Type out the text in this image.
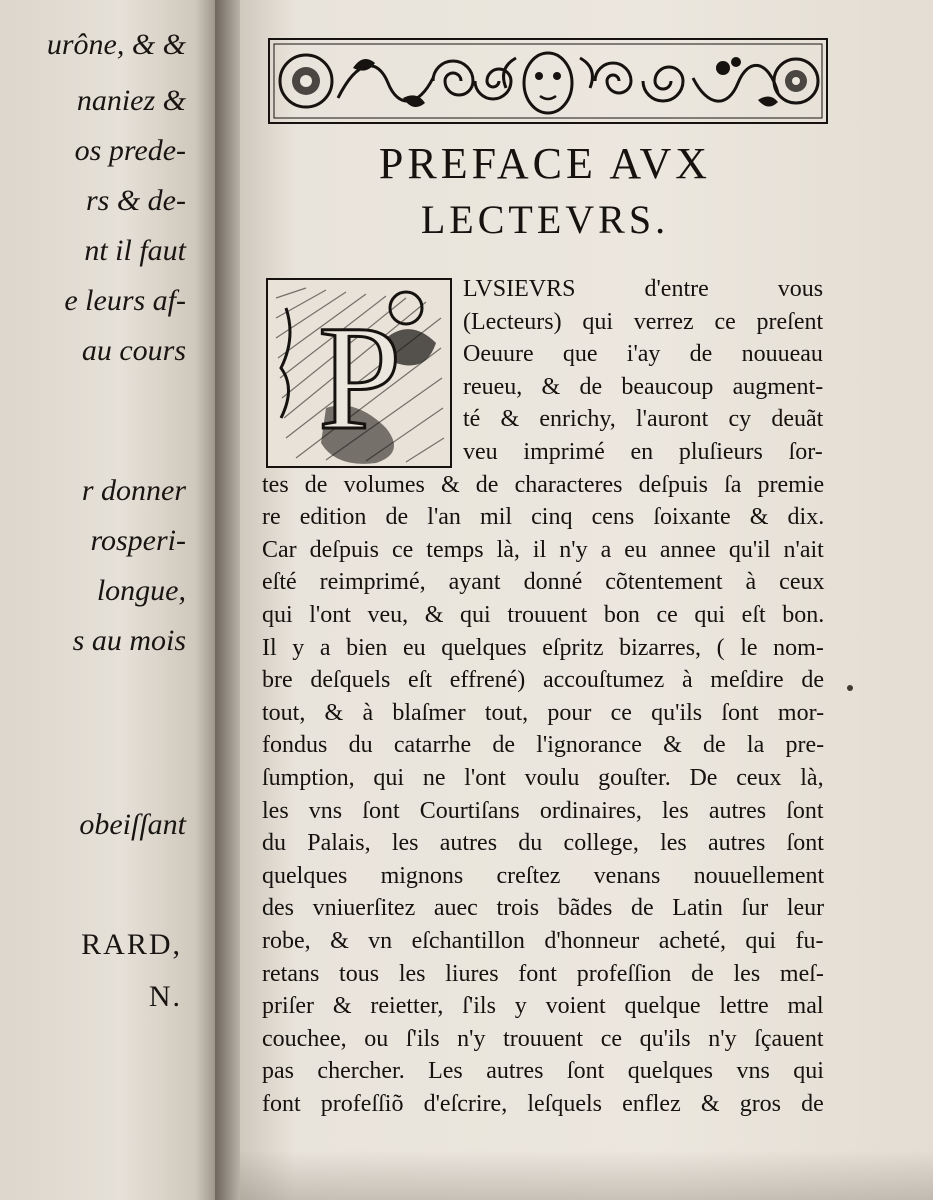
urône, & &
naniez &
os prede-
rs & de-
nt il faut
e leurs af-
au cours
r donner
rosperi-
longue,
s au mois
obeiſſant
RARD,
N.
PREFACE AVX
LECTEVRS.
P
LVSIEVRS d'entre vous
(Lecteurs) qui verrez ce preſent
Oeuure que i'ay de nouueau
reueu, & de beaucoup augment-
té & enrichy, l'auront cy deuãt
veu imprimé en pluſieurs ſor-
tes de volumes & de characteres deſpuis ſa premie
re edition de l'an mil cinq cens ſoixante & dix.
Car deſpuis ce temps là, il n'y a eu annee qu'il n'ait
eſté reimprimé, ayant donné cõtentement à ceux
qui l'ont veu, & qui trouuent bon ce qui eſt bon.
Il y a bien eu quelques eſpritz bizarres, ( le nom-
bre deſquels eſt effrené) accouſtumez à meſdire de
tout, & à blaſmer tout, pour ce qu'ils ſont mor-
fondus du catarrhe de l'ignorance & de la pre-
ſumption, qui ne l'ont voulu gouſter. De ceux là,
les vns ſont Courtiſans ordinaires, les autres ſont
du Palais, les autres du college, les autres ſont
quelques mignons creſtez venans nouuellement
des vniuerſitez auec trois bãdes de Latin ſur leur
robe, & vn eſchantillon d'honneur acheté, qui fu-
retans tous les liures font profeſſion de les meſ-
priſer & reietter, ſ'ils y voient quelque lettre mal
couchee, ou ſ'ils n'y trouuent ce qu'ils n'y ſçauent
pas chercher. Les autres ſont quelques vns qui
font profeſſiõ d'eſcrire, leſquels enflez & gros de
